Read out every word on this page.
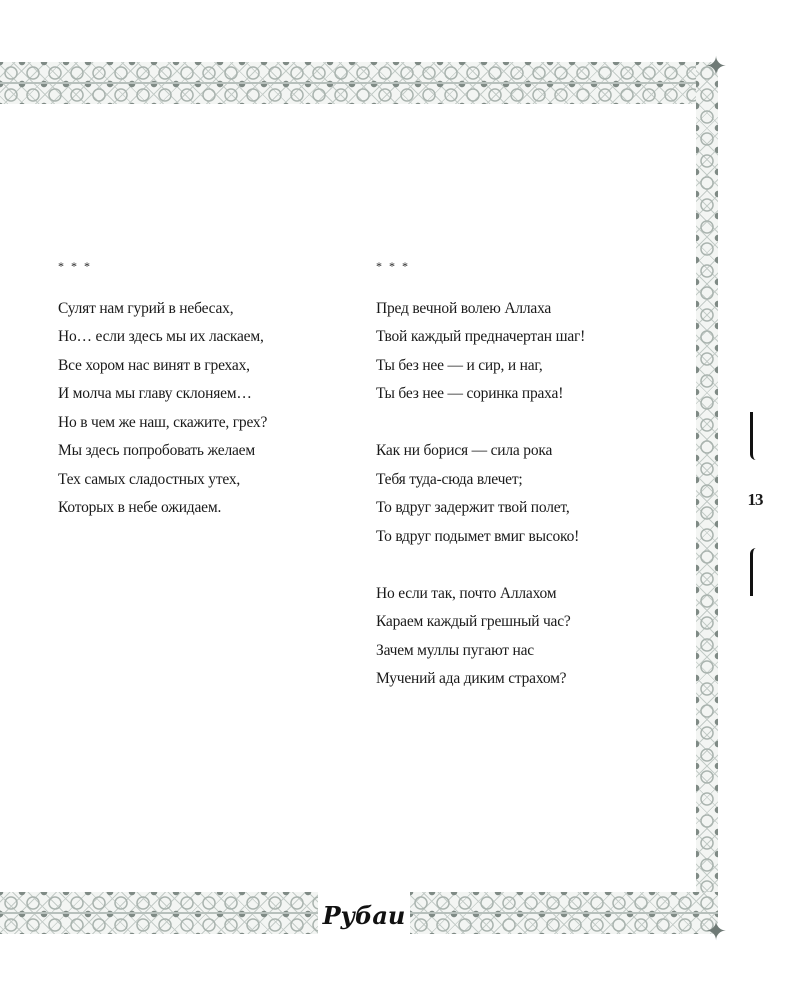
✦
✦
Рубаи
* * *
Сулят нам гурий в небесах,
Но… если здесь мы их ласкаем,
Все хором нас винят в грехах,
И молча мы главу склоняем…
Но в чем же наш, скажите, грех?
Мы здесь попробовать желаем
Тех самых сладостных утех,
Которых в небе ожидаем.
* * *
Пред вечной волею Аллаха
Твой каждый предначертан шаг!
Ты без нее — и сир, и наг,
Ты без нее — соринка праха!
Как ни борися — сила рока
Тебя туда-сюда влечет;
То вдруг задержит твой полет,
То вдруг подымет вмиг высоко!
Но если так, почто Аллахом
Караем каждый грешный час?
Зачем муллы пугают нас
Мучений ада диким страхом?
13
